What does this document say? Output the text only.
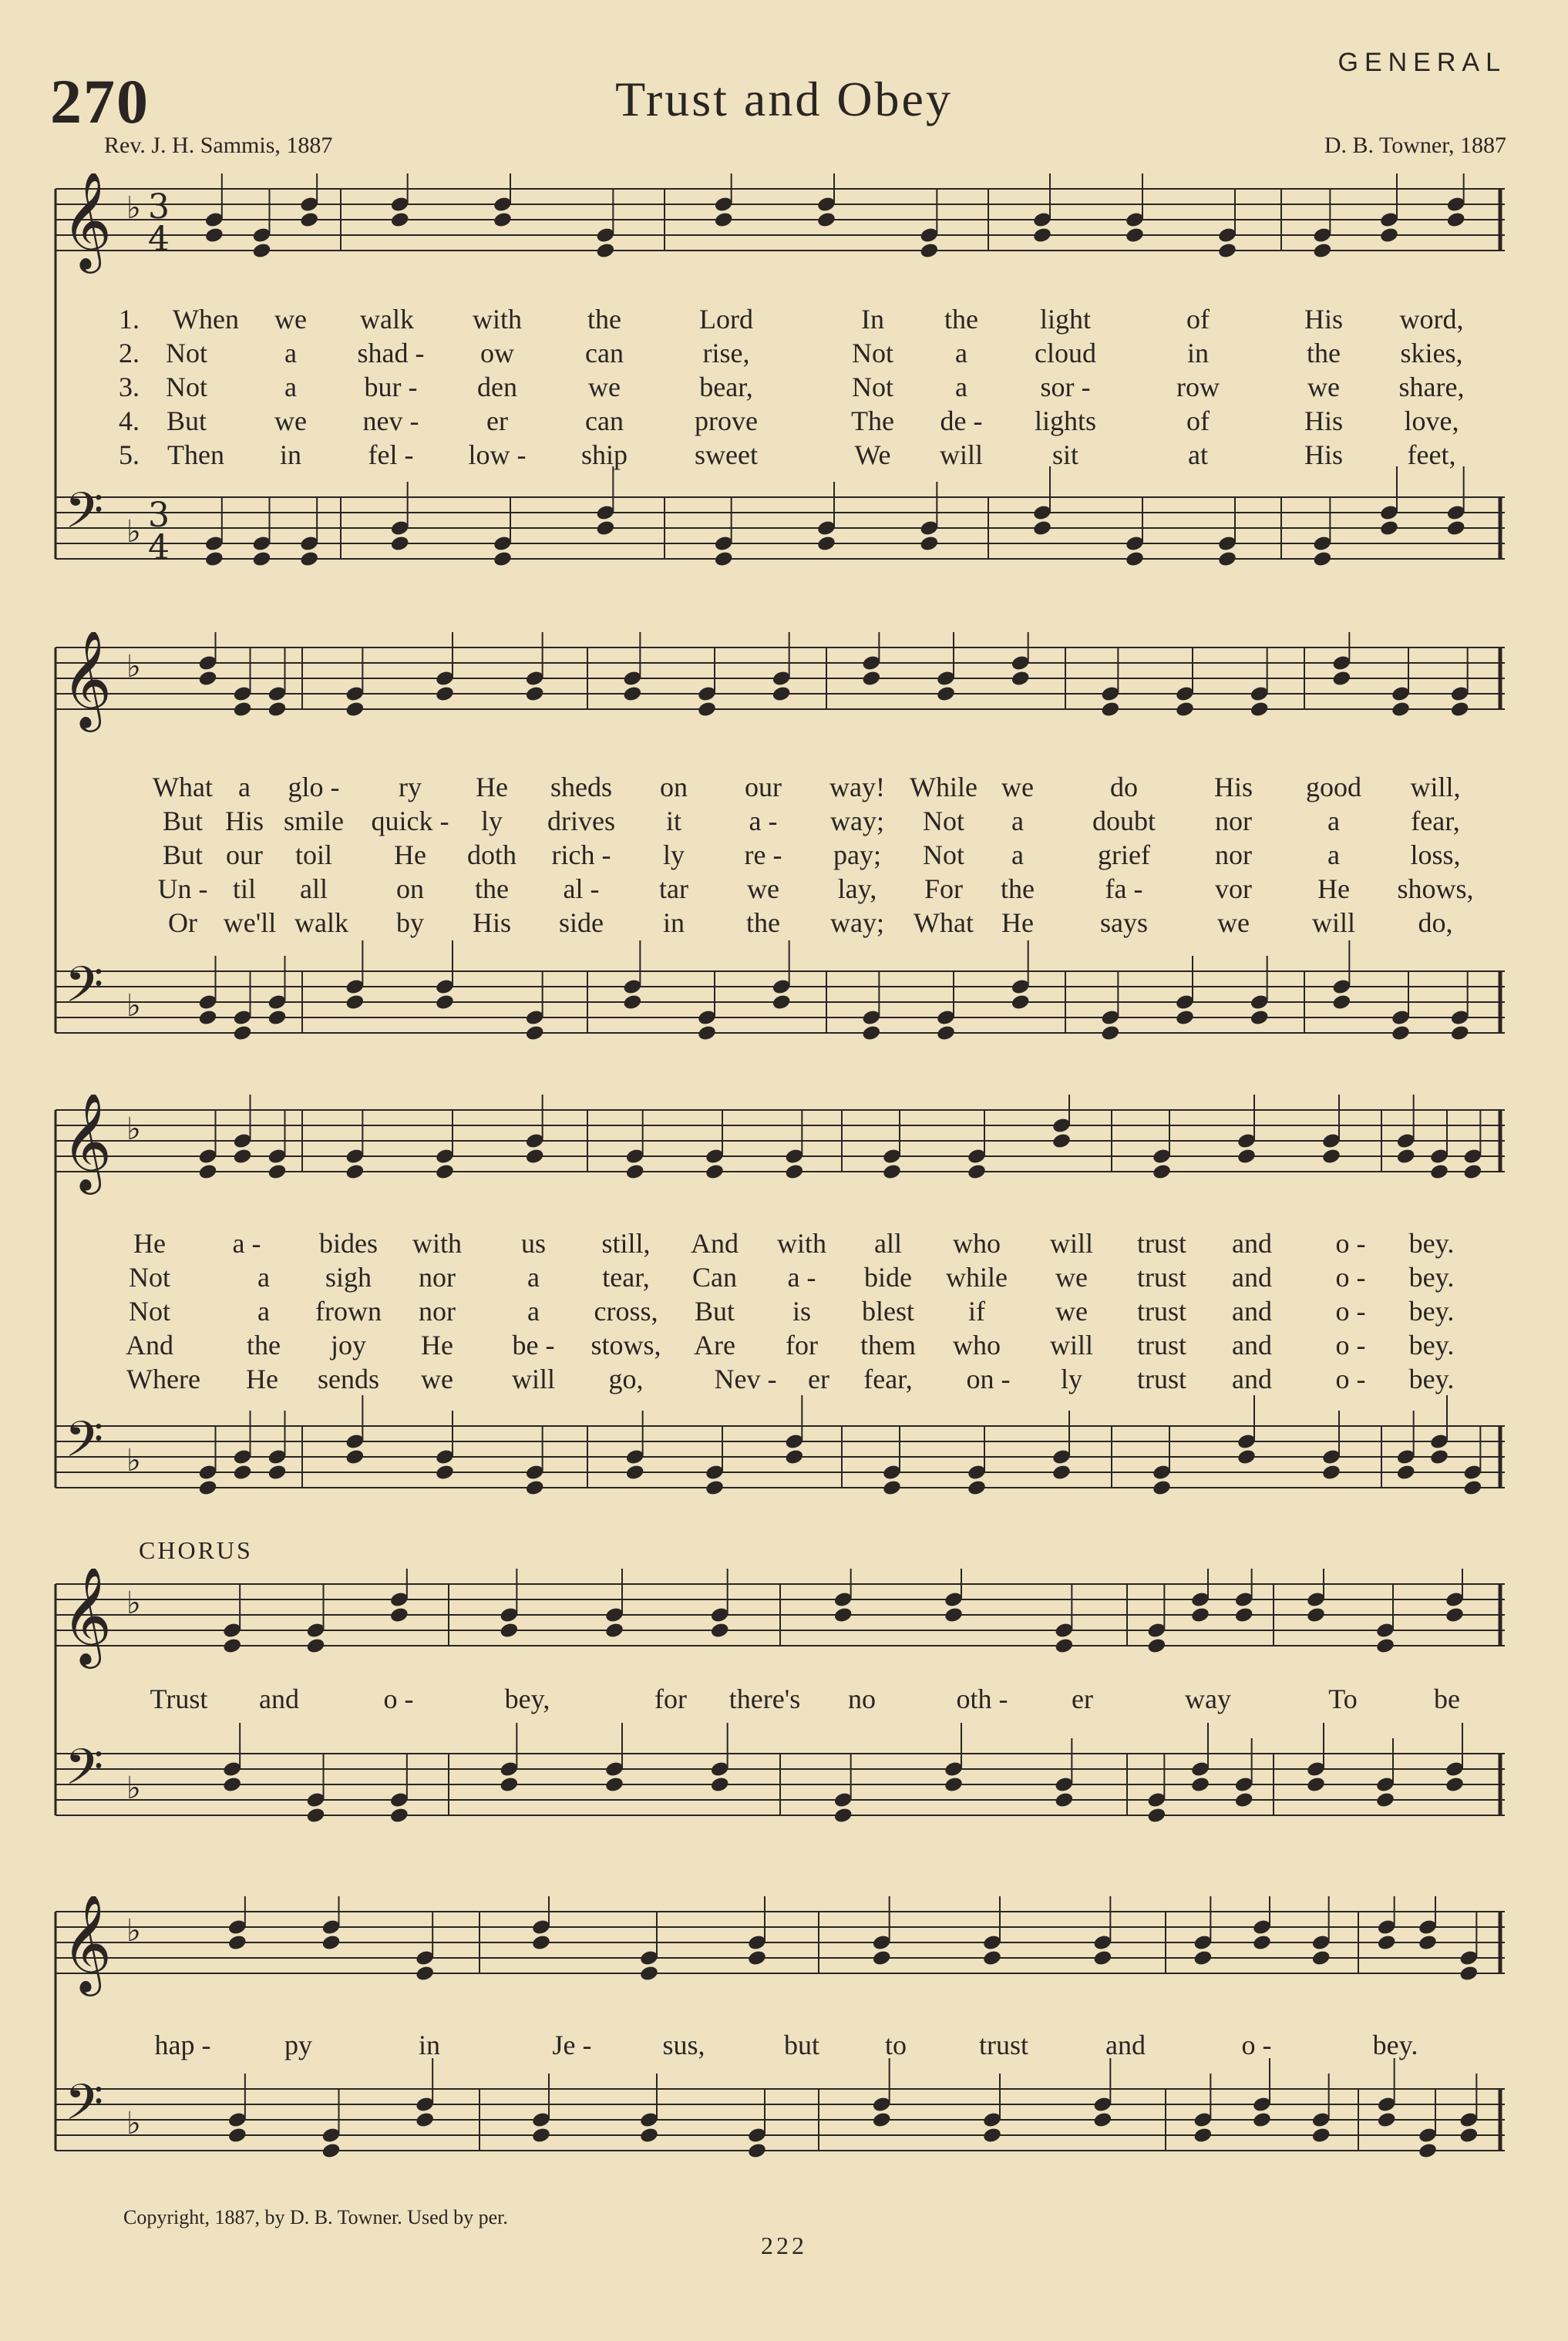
270
GENERAL
Trust and Obey
Rev. J. H. Sammis, 1887	D. B. Towner, 1887
𝄞
𝄢
♭
♭
3
4
3
4
1. When we walk with the	Lord	In the light	of	His word,
2. Not	a shad - ow	can	rise,	Not a cloud	in	the skies,
3. Not	a bur - den	we	bear,	Not a	sor -	row	we share,
4. But we nev - er	can	prove	The de - lights	of	His love,
5. Then in fel - low - ship sweet	We will sit	at	His feet,
𝄞
𝄢
♭
♭
What a glo - ry He sheds on our way! While we	do	His good will,
But His smile quick - ly drives it a - way; Not a doubt nor	a	fear,
But our toil He doth rich - ly re - pay; Not a	grief nor	a	loss,
Un - til all on the al - tar we lay, For the	fa -	vor He shows,
Or we'll walk by His side in the way; What He says	we will do,
𝄞
𝄢
♭
♭
He a - bides with us still, And with all who will trust and o - bey.
Not	a sigh nor	a tear, Can a - bide while we trust and o - bey.
Not	a frown nor	a cross, But is blest if	we trust and o - bey.
And	the joy He be - stows, Are for them who will trust and o - bey.
Where He sends we will go,	Nev - er fear, on - ly trust and o - bey.
CHORUS
𝄞
𝄢
♭
♭
Trust and	o -	bey,	for there's no	oth - er	way	To	be
𝄞
𝄢
♭
♭
hap -	py	in	Je -	sus,	but to	trust	and	o -	bey.
Copyright, 1887, by D. B. Towner. Used by per.
222
